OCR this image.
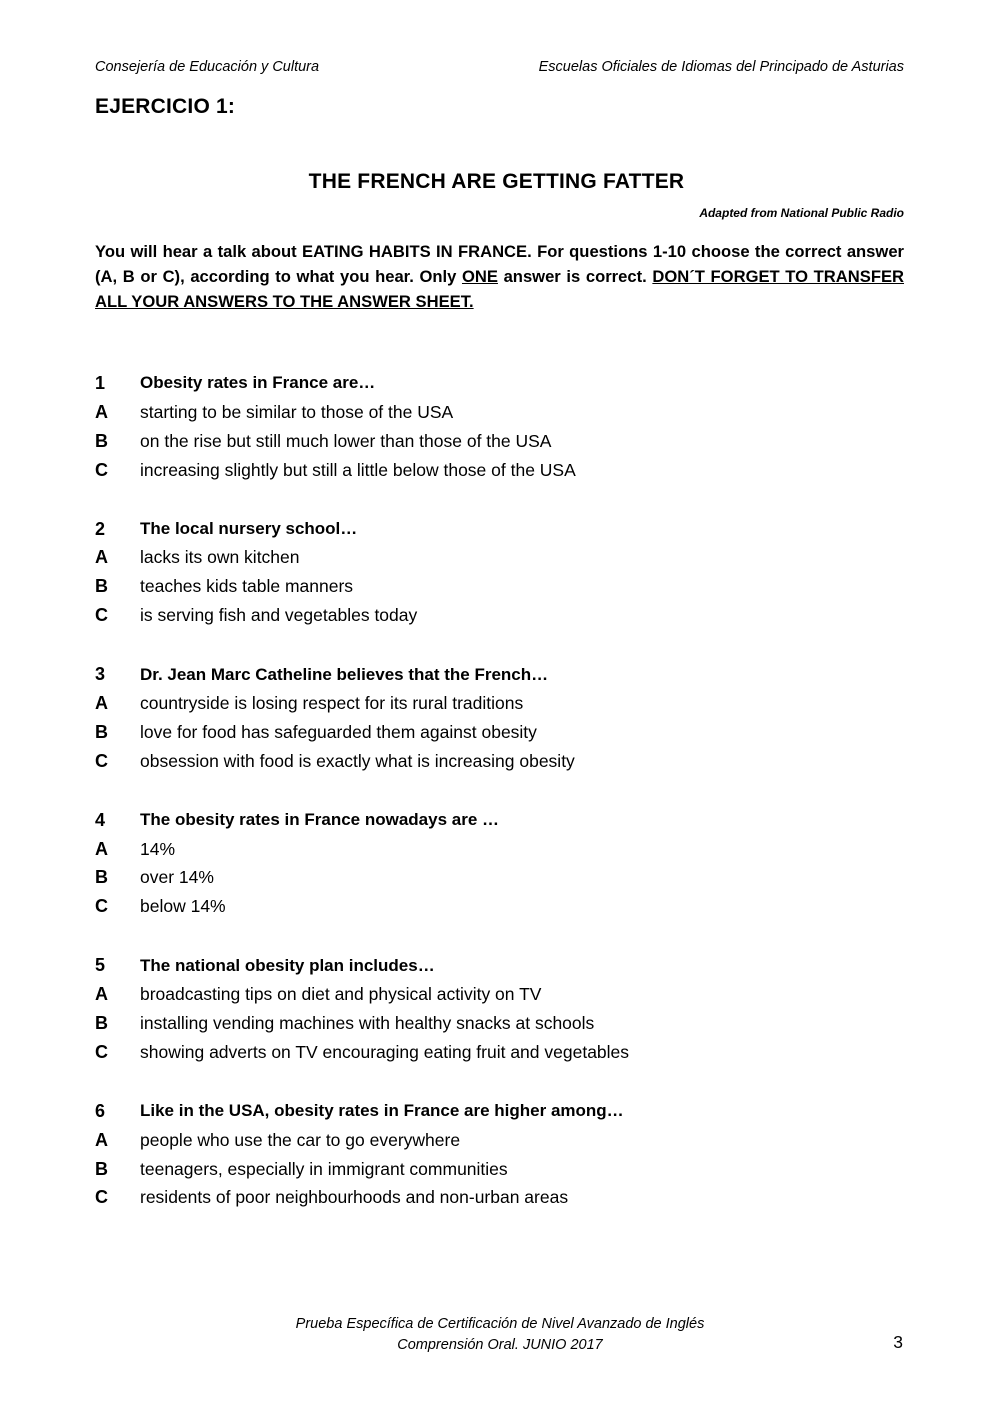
Consejería de Educación y Cultura	Escuelas Oficiales de Idiomas del Principado de Asturias
EJERCICIO 1:
THE FRENCH ARE GETTING FATTER
Adapted from National Public Radio
You will hear a talk about EATING HABITS IN FRANCE. For questions 1-10 choose the correct answer (A, B or C), according to what you hear. Only ONE answer is correct. DON´T FORGET TO TRANSFER ALL YOUR ANSWERS TO THE ANSWER SHEET.
1	Obesity rates in France are…
A	starting to be similar to those of the USA
B	on the rise but still much lower than those of the USA
C	increasing slightly but still a little below those of the USA
2	The local nursery school…
A	lacks its own kitchen
B	teaches kids table manners
C	is serving fish and vegetables today
3	Dr. Jean Marc Catheline believes that the French…
A	countryside is losing respect for its rural traditions
B	love for food has safeguarded them against obesity
C	obsession with food is exactly what is increasing obesity
4	The obesity rates in France nowadays are …
A	14%
B	over 14%
C	below 14%
5	The national obesity plan includes…
A	broadcasting tips on diet and physical activity on TV
B	installing vending machines with healthy snacks at schools
C	showing adverts on TV encouraging eating fruit and vegetables
6	Like in the USA, obesity rates in France are higher among…
A	people who use the car to go everywhere
B	teenagers, especially in immigrant communities
C	residents of poor neighbourhoods and non-urban areas
Prueba Específica de Certificación de Nivel Avanzado de Inglés
Comprensión Oral. JUNIO 2017	3
